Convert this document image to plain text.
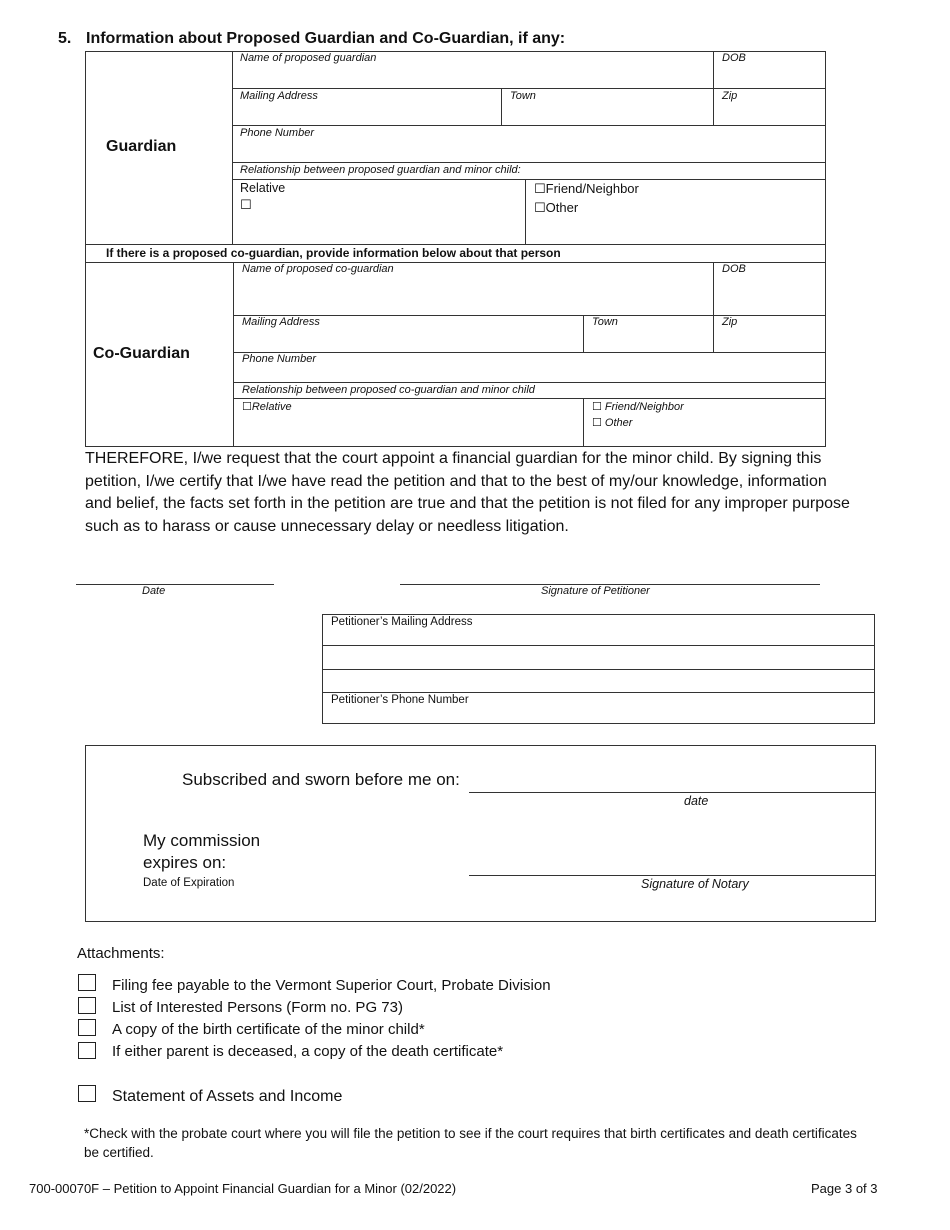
5. Information about Proposed Guardian and Co-Guardian, if any:
Guardian
Name of proposed guardian	DOB
Mailing Address	Town	Zip
Phone Number
Relationship between proposed guardian and minor child:
Relative
☐
☐Friend/Neighbor
☐Other
If there is a proposed co-guardian, provide information below about that person
Co-Guardian
Name of proposed co-guardian	DOB
Mailing Address	Town	Zip
Phone Number
Relationship between proposed co-guardian and minor child
☐Relative	☐ Friend/Neighbor
☐ Other
THEREFORE, I/we request that the court appoint a financial guardian for the minor child. By signing this petition, I/we certify that I/we have read the petition and that to the best of my/our knowledge, information and belief, the facts set forth in the petition are true and that the petition is not filed for any improper purpose such as to harass or cause unnecessary delay or needless litigation.
Date	Signature of Petitioner
Petitioner’s Mailing Address
Petitioner’s Phone Number
Subscribed and sworn before me on:
date
My commission
expires on:
Date of Expiration	Signature of Notary
Attachments:
Filing fee payable to the Vermont Superior Court, Probate Division
List of Interested Persons (Form no. PG 73)
A copy of the birth certificate of the minor child*
If either parent is deceased, a copy of the death certificate*
Statement of Assets and Income
*Check with the probate court where you will file the petition to see if the court requires that birth certificates and death certificates be certified.
700-00070F – Petition to Appoint Financial Guardian for a Minor (02/2022)	Page 3 of 3
